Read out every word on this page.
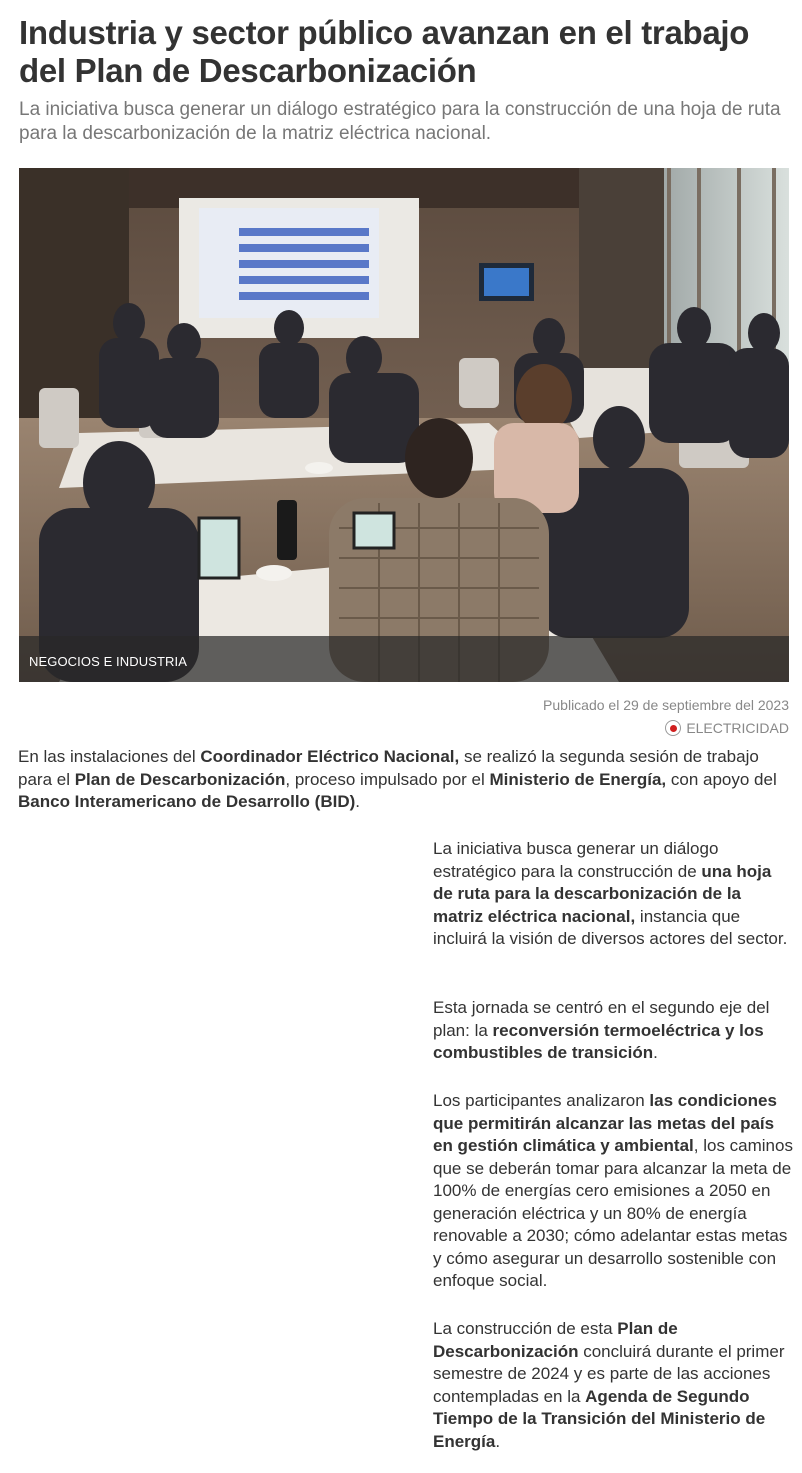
Industria y sector público avanzan en el trabajo del Plan de Descarbonización

La iniciativa busca generar un diálogo estratégico para la construcción de una hoja de ruta para la descarbonización de la matriz eléctrica nacional.

NEGOCIOS E INDUSTRIA
Publicado el 29 de septiembre del 2023
ELECTRICIDAD

En las instalaciones del Coordinador Eléctrico Nacional, se realizó la segunda sesión de trabajo para el Plan de Descarbonización, proceso impulsado por el Ministerio de Energía, con apoyo del Banco Interamericano de Desarrollo (BID).

La iniciativa busca generar un diálogo estratégico para la construcción de una hoja de ruta para la descarbonización de la matriz eléctrica nacional, instancia que incluirá la visión de diversos actores del sector.

Esta jornada se centró en el segundo eje del plan: la reconversión termoeléctrica y los combustibles de transición.

Los participantes analizaron las condiciones que permitirán alcanzar las metas del país en gestión climática y ambiental, los caminos que se deberán tomar para alcanzar la meta de 100% de energías cero emisiones a 2050 en generación eléctrica y un 80% de energía renovable a 2030; cómo adelantar estas metas y cómo asegurar un desarrollo sostenible con enfoque social.

La construcción de esta Plan de Descarbonización concluirá durante el primer semestre de 2024 y es parte de las acciones contempladas en la Agenda de Segundo Tiempo de la Transición del Ministerio de Energía.
